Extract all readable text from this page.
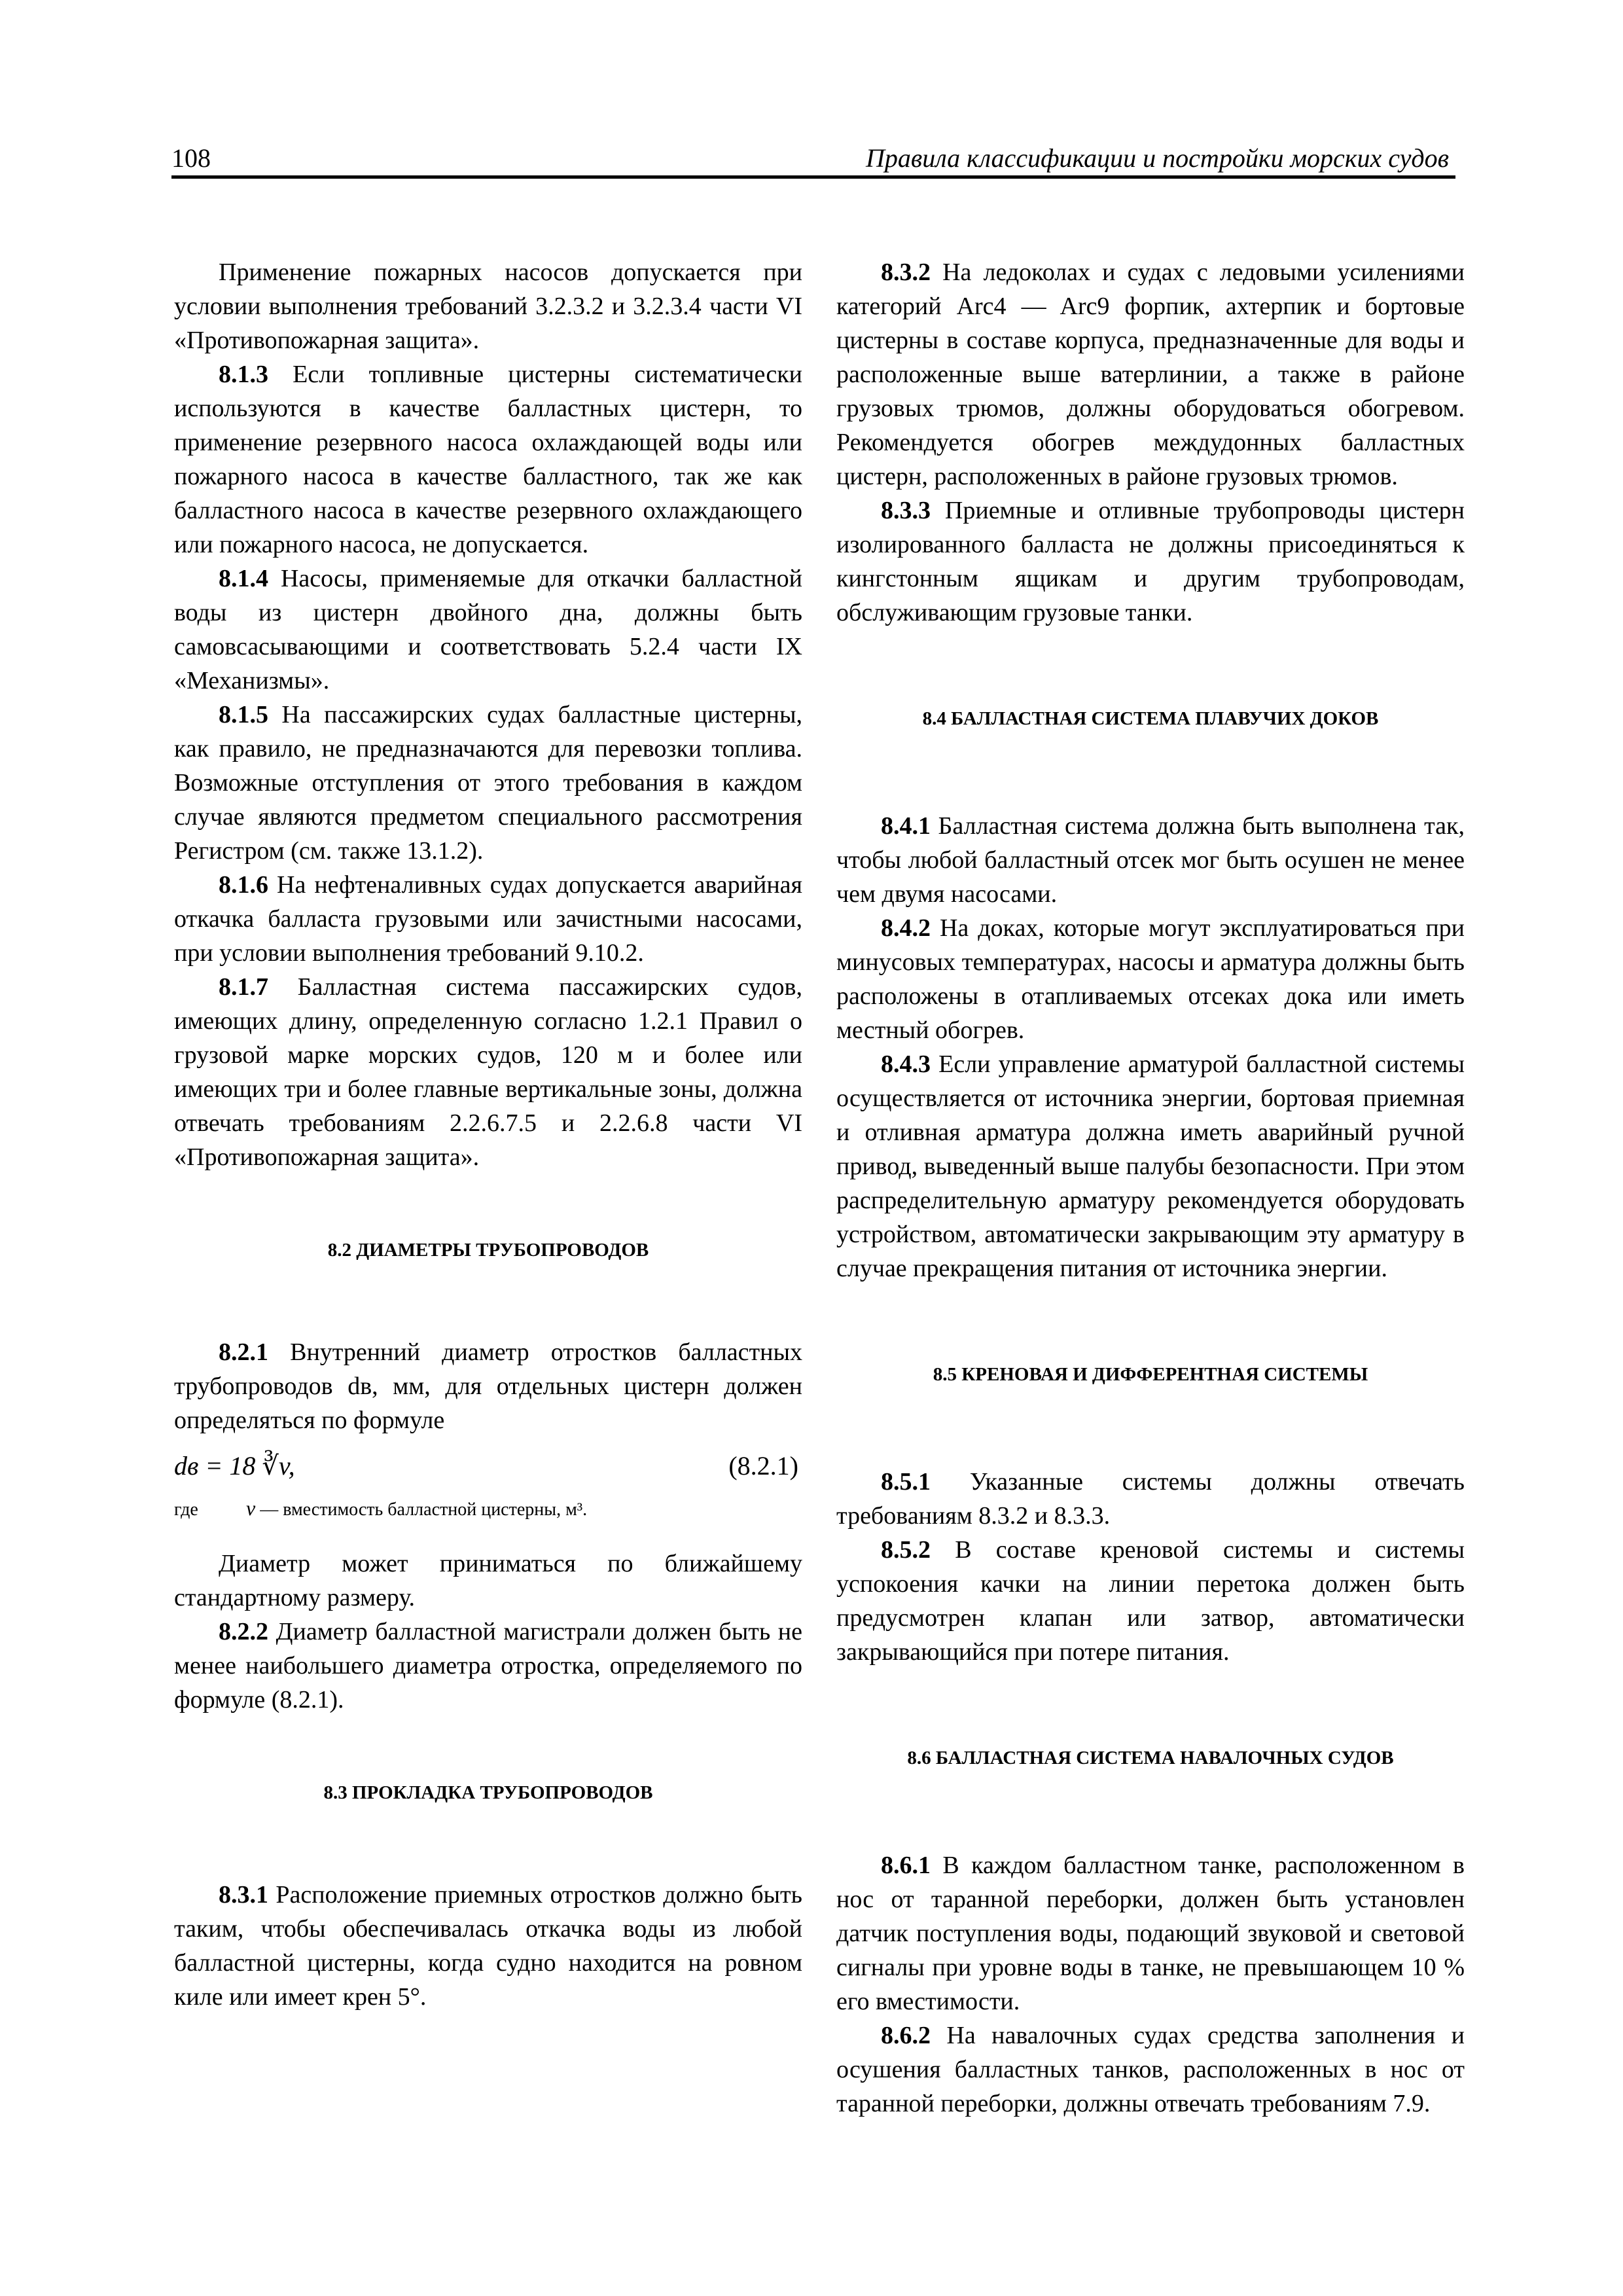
108	Правила классификации и постройки морских судов

Применение пожарных насосов допускается при условии выполнения требований 3.2.3.2 и 3.2.3.4 части VI «Противопожарная защита».

8.1.3 Если топливные цистерны систематически используются в качестве балластных цистерн, то применение резервного насоса охлаждающей воды или пожарного насоса в качестве балластного, так же как балластного насоса в качестве резервного охлаждающего или пожарного насоса, не допускается.

8.1.4 Насосы, применяемые для откачки балластной воды из цистерн двойного дна, должны быть самовсасывающими и соответствовать 5.2.4 части IX «Механизмы».

8.1.5 На пассажирских судах балластные цистерны, как правило, не предназначаются для перевозки топлива. Возможные отступления от этого требования в каждом случае являются предметом специального рассмотрения Регистром (см. также 13.1.2).

8.1.6 На нефтеналивных судах допускается аварийная откачка балласта грузовыми или зачистными насосами, при условии выполнения требований 9.10.2.

8.1.7 Балластная система пассажирских судов, имеющих длину, определенную согласно 1.2.1 Правил о грузовой марке морских судов, 120 м и более или имеющих три и более главные вертикальные зоны, должна отвечать требованиям 2.2.6.7.5 и 2.2.6.8 части VI «Противопожарная защита».

8.2 ДИАМЕТРЫ ТРУБОПРОВОДОВ

8.2.1 Внутренний диаметр отростков балластных трубопроводов dв, мм, для отдельных цистерн должен определяться по формуле

dв = 18 ∛v,	(8.2.1)
где v — вместимость балластной цистерны, м³.

Диаметр может приниматься по ближайшему стандартному размеру.

8.2.2 Диаметр балластной магистрали должен быть не менее наибольшего диаметра отростка, определяемого по формуле (8.2.1).

8.3 ПРОКЛАДКА ТРУБОПРОВОДОВ

8.3.1 Расположение приемных отростков должно быть таким, чтобы обеспечивалась откачка воды из любой балластной цистерны, когда судно находится на ровном киле или имеет крен 5°.

8.3.2 На ледоколах и судах с ледовыми усилениями категорий Arc4 — Arc9 форпик, ахтерпик и бортовые цистерны в составе корпуса, предназначенные для воды и расположенные выше ватерлинии, а также в районе грузовых трюмов, должны оборудоваться обогревом. Рекомендуется обогрев междудонных балластных цистерн, расположенных в районе грузовых трюмов.

8.3.3 Приемные и отливные трубопроводы цистерн изолированного балласта не должны присоединяться к кингстонным ящикам и другим трубопроводам, обслуживающим грузовые танки.

8.4 БАЛЛАСТНАЯ СИСТЕМА ПЛАВУЧИХ ДОКОВ

8.4.1 Балластная система должна быть выполнена так, чтобы любой балластный отсек мог быть осушен не менее чем двумя насосами.

8.4.2 На доках, которые могут эксплуатироваться при минусовых температурах, насосы и арматура должны быть расположены в отапливаемых отсеках дока или иметь местный обогрев.

8.4.3 Если управление арматурой балластной системы осуществляется от источника энергии, бортовая приемная и отливная арматура должна иметь аварийный ручной привод, выведенный выше палубы безопасности. При этом распределительную арматуру рекомендуется оборудовать устройством, автоматически закрывающим эту арматуру в случае прекращения питания от источника энергии.

8.5 КРЕНОВАЯ И ДИФФЕРЕНТНАЯ СИСТЕМЫ

8.5.1 Указанные системы должны отвечать требованиям 8.3.2 и 8.3.3.

8.5.2 В составе креновой системы и системы успокоения качки на линии перетока должен быть предусмотрен клапан или затвор, автоматически закрывающийся при потере питания.

8.6 БАЛЛАСТНАЯ СИСТЕМА НАВАЛОЧНЫХ СУДОВ

8.6.1 В каждом балластном танке, расположенном в нос от таранной переборки, должен быть установлен датчик поступления воды, подающий звуковой и световой сигналы при уровне воды в танке, не превышающем 10 % его вместимости.

8.6.2 На навалочных судах средства заполнения и осушения балластных танков, расположенных в нос от таранной переборки, должны отвечать требованиям 7.9.
